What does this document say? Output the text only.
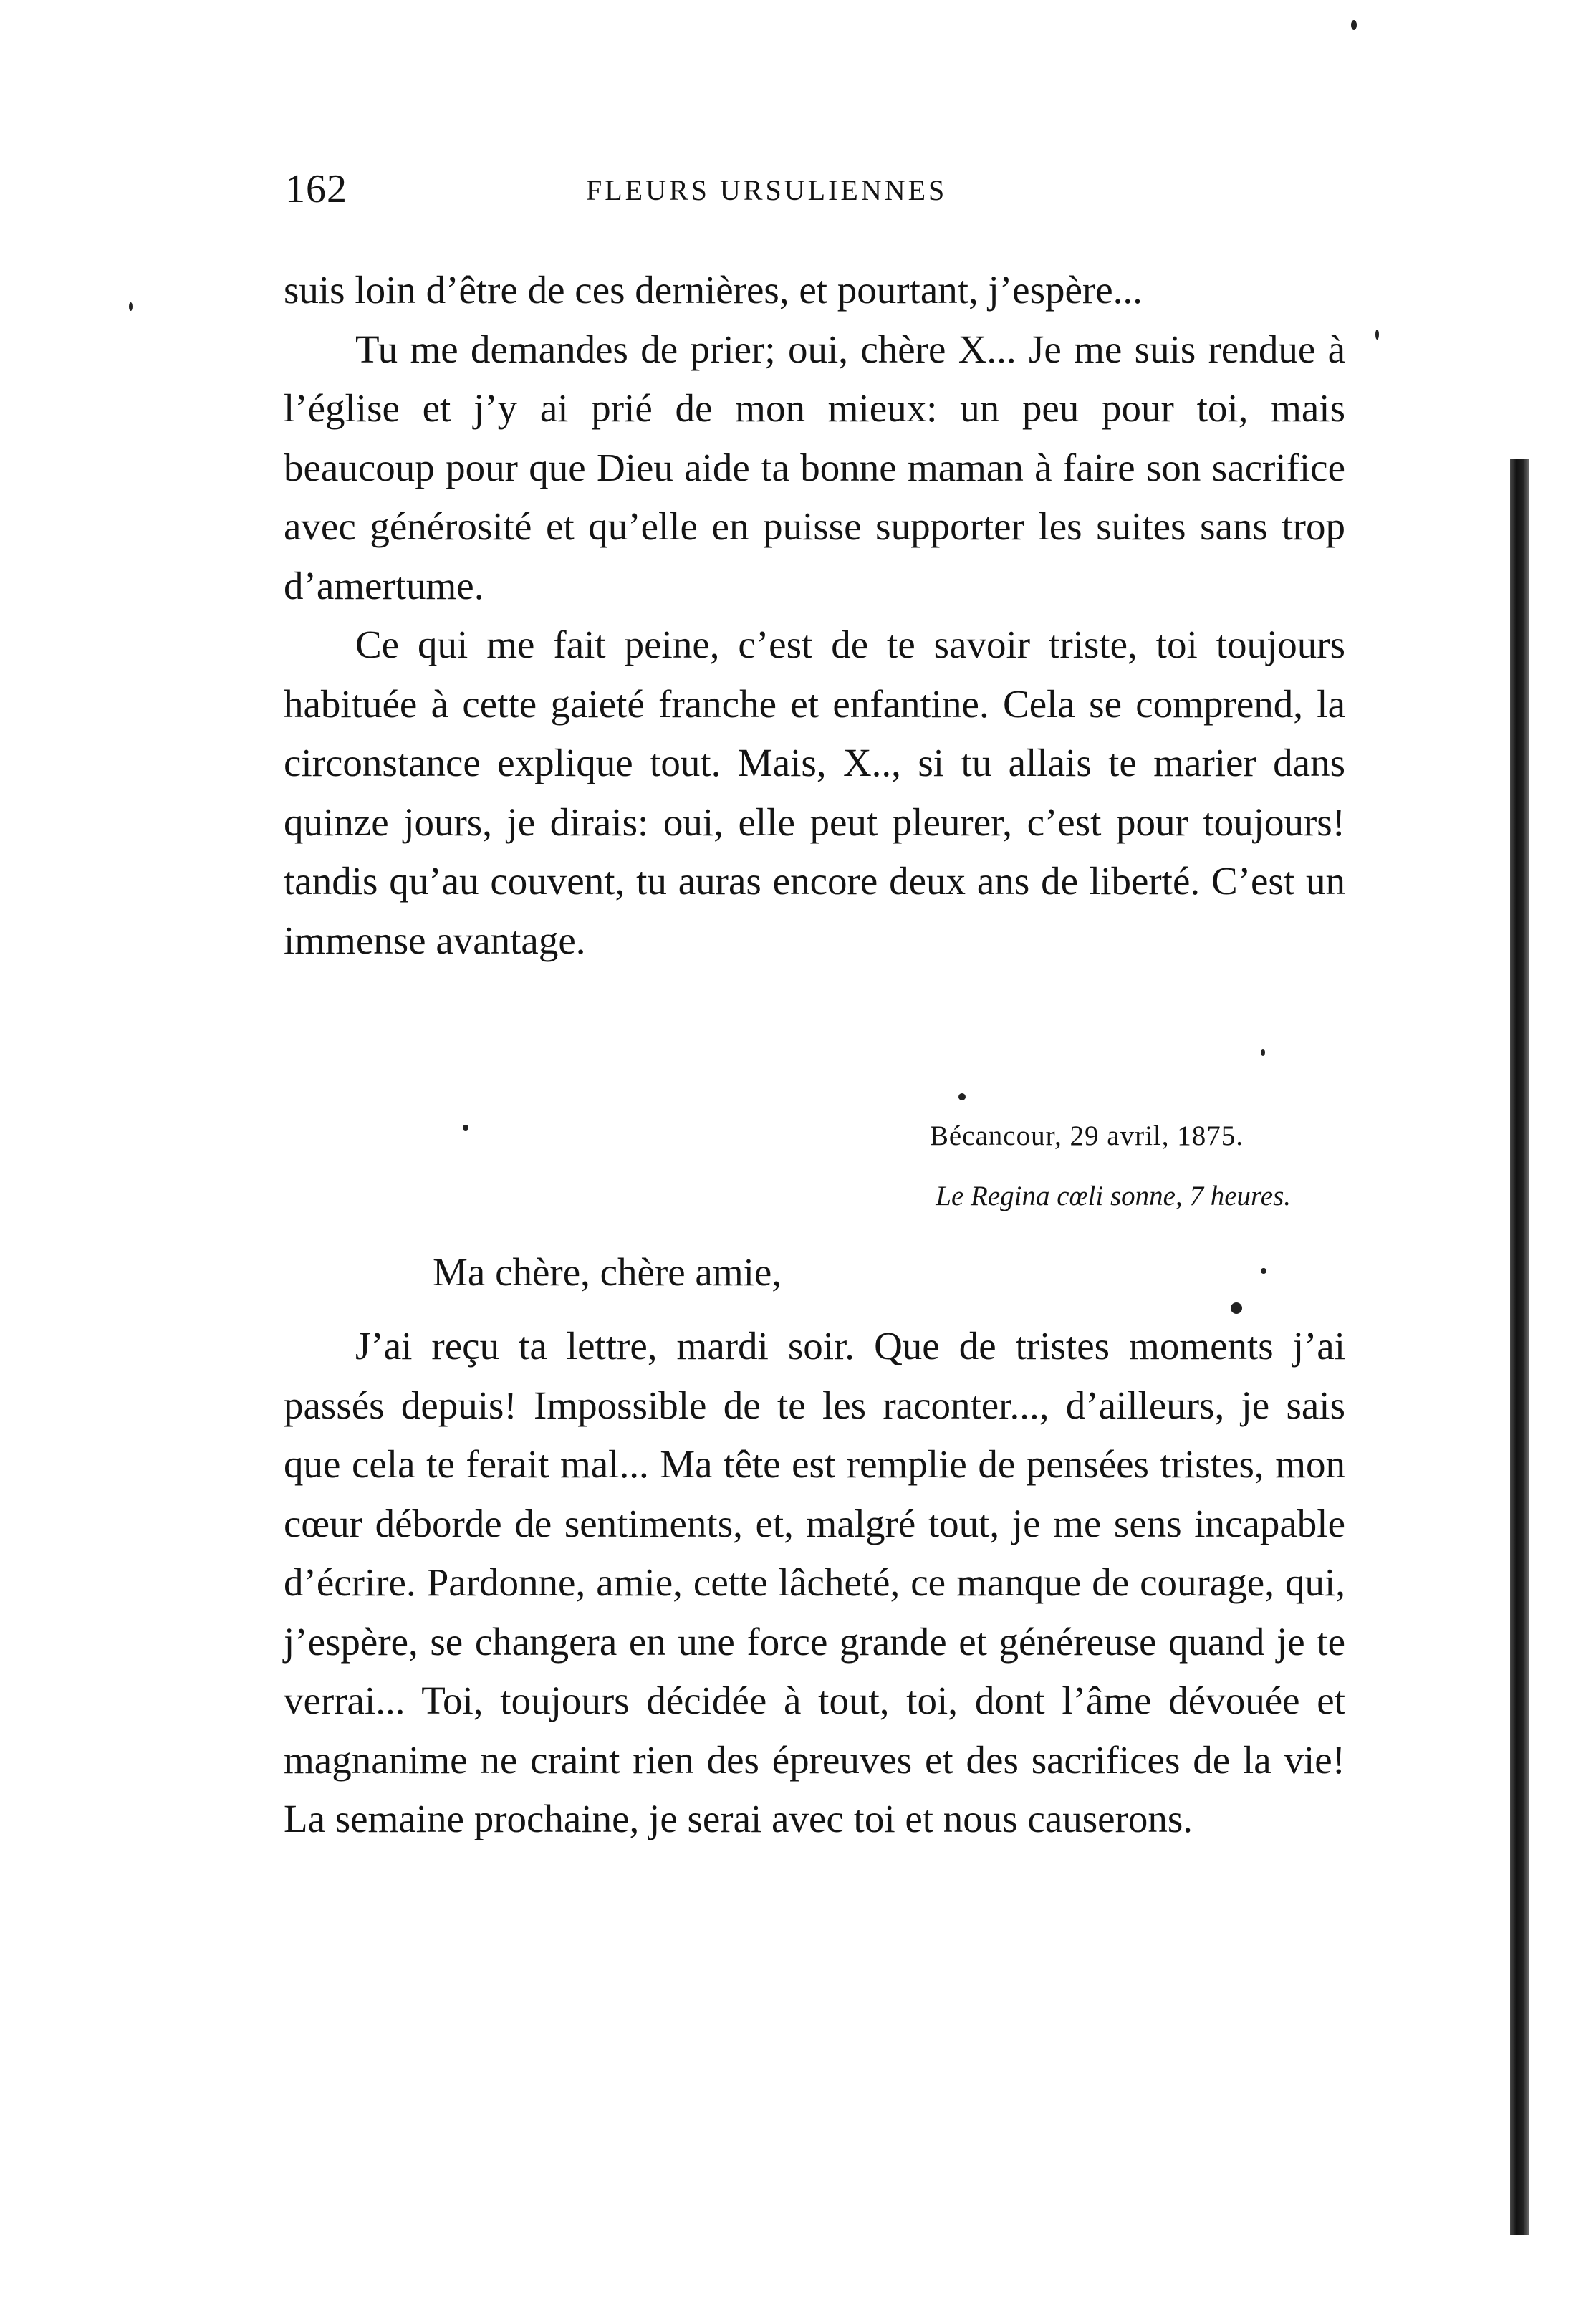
162	FLEURS URSULIENNES

suis loin d’être de ces dernières, et pourtant, j’espère...

Tu me demandes de prier; oui, chère X... Je me suis rendue à l’église et j’y ai prié de mon mieux: un peu pour toi, mais beaucoup pour que Dieu aide ta bonne maman à faire son sacrifice avec générosité et qu’elle en puisse supporter les suites sans trop d’amertume.

Ce qui me fait peine, c’est de te savoir triste, toi toujours habituée à cette gaieté franche et enfantine. Cela se comprend, la circonstance explique tout. Mais, X.., si tu allais te marier dans quinze jours, je dirais: oui, elle peut pleurer, c’est pour toujours! tandis qu’au couvent, tu auras encore deux ans de liberté. C’est un immense avantage.

Bécancour, 29 avril, 1875.
Le Regina cœli sonne, 7 heures.
Ma chère, chère amie,

J’ai reçu ta lettre, mardi soir. Que de tristes moments j’ai passés depuis! Impossible de te les raconter..., d’ailleurs, je sais que cela te ferait mal... Ma tête est remplie de pensées tristes, mon cœur déborde de sentiments, et, malgré tout, je me sens incapable d’écrire. Pardonne, amie, cette lâcheté, ce manque de courage, qui, j’espère, se changera en une force grande et généreuse quand je te verrai... Toi, toujours décidée à tout, toi, dont l’âme dévouée et magnanime ne craint rien des épreuves et des sacrifices de la vie! La semaine prochaine, je serai avec toi et nous causerons.
